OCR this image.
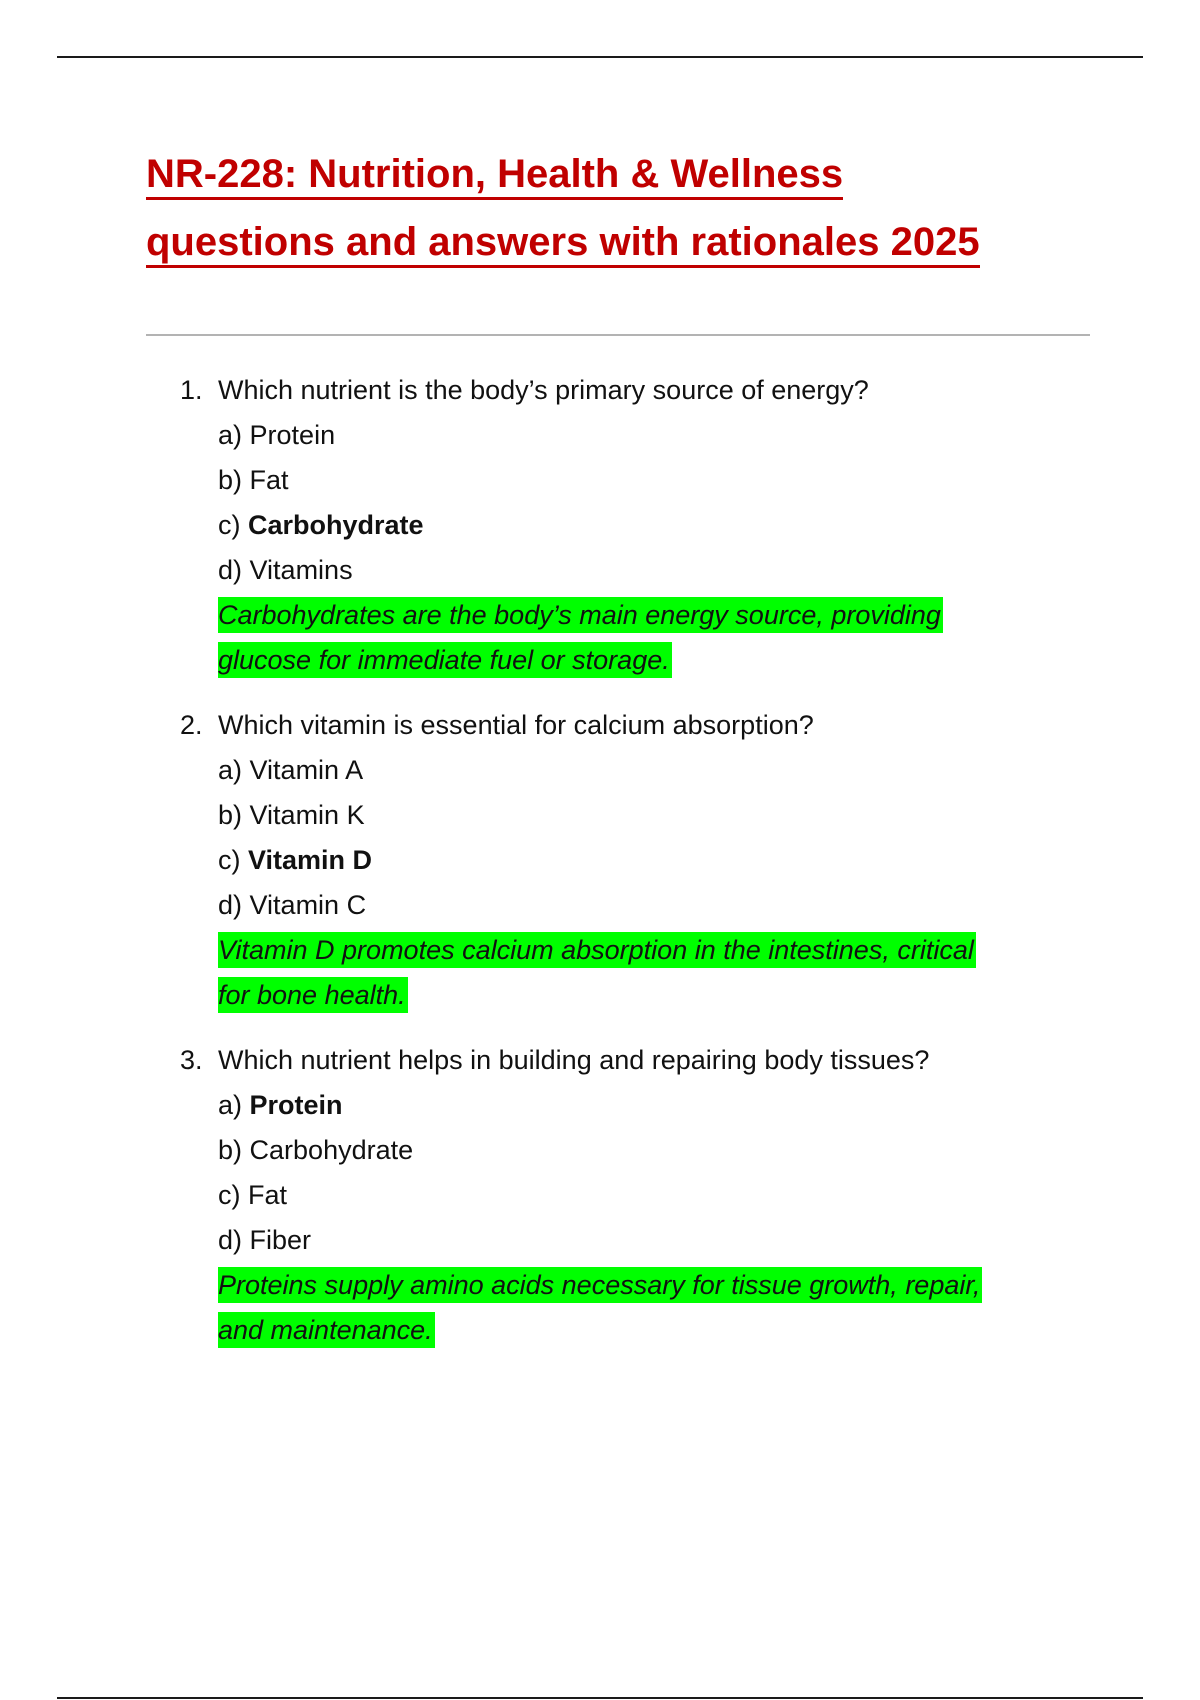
NR-228: Nutrition, Health & Wellness
questions and answers with rationales 2025
1. Which nutrient is the body’s primary source of energy?
a) Protein
b) Fat
c) Carbohydrate
d) Vitamins
Carbohydrates are the body’s main energy source, providing
glucose for immediate fuel or storage.
2. Which vitamin is essential for calcium absorption?
a) Vitamin A
b) Vitamin K
c) Vitamin D
d) Vitamin C
Vitamin D promotes calcium absorption in the intestines, critical
for bone health.
3. Which nutrient helps in building and repairing body tissues?
a) Protein
b) Carbohydrate
c) Fat
d) Fiber
Proteins supply amino acids necessary for tissue growth, repair,
and maintenance.
